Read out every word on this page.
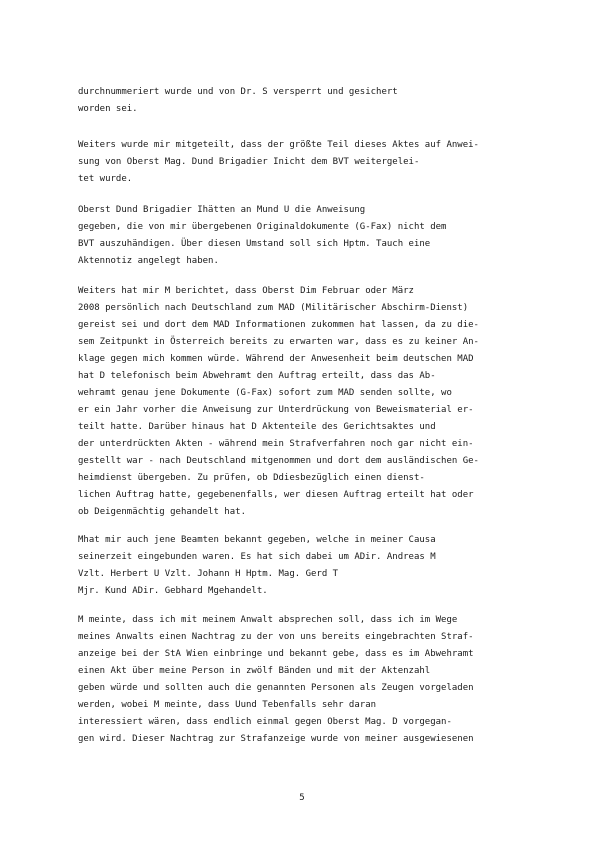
durchnummeriert wurde und von Dr. S versperrt und gesichert
worden sei.
Weiters wurde mir mitgeteilt, dass der größte Teil dieses Aktes auf Anwei-
sung von Oberst Mag. Dund Brigadier Inicht dem BVT weitergelei-
tet wurde.
Oberst Dund Brigadier Ihätten an Mund U die Anweisung
gegeben, die von mir übergebenen Originaldokumente (G-Fax) nicht dem
BVT auszuhändigen. Über diesen Umstand soll sich Hptm. Tauch eine
Aktennotiz angelegt haben.
Weiters hat mir M berichtet, dass Oberst Dim Februar oder März
2008 persönlich nach Deutschland zum MAD (Militärischer Abschirm-Dienst)
gereist sei und dort dem MAD Informationen zukommen hat lassen, da zu die-
sem Zeitpunkt in Österreich bereits zu erwarten war, dass es zu keiner An-
klage gegen mich kommen würde. Während der Anwesenheit beim deutschen MAD
hat D telefonisch beim Abwehramt den Auftrag erteilt, dass das Ab-
wehramt genau jene Dokumente (G-Fax) sofort zum MAD senden sollte, wo
er ein Jahr vorher die Anweisung zur Unterdrückung von Beweismaterial er-
teilt hatte. Darüber hinaus hat D Aktenteile des Gerichtsaktes und
der unterdrückten Akten - während mein Strafverfahren noch gar nicht ein-
gestellt war - nach Deutschland mitgenommen und dort dem ausländischen Ge-
heimdienst übergeben. Zu prüfen, ob Ddiesbezüglich einen dienst-
lichen Auftrag hatte, gegebenenfalls, wer diesen Auftrag erteilt hat oder
ob Deigenmächtig gehandelt hat.
Mhat mir auch jene Beamten bekannt gegeben, welche in meiner Causa
seinerzeit eingebunden waren. Es hat sich dabei um ADir. Andreas M
Vzlt. Herbert U Vzlt. Johann H Hptm. Mag. Gerd T
Mjr. Kund ADir. Gebhard Mgehandelt.
M meinte, dass ich mit meinem Anwalt absprechen soll, dass ich im Wege
meines Anwalts einen Nachtrag zu der von uns bereits eingebrachten Straf-
anzeige bei der StA Wien einbringe und bekannt gebe, dass es im Abwehramt
einen Akt über meine Person in zwölf Bänden und mit der Aktenzahl
geben würde und sollten auch die genannten Personen als Zeugen vorgeladen
werden, wobei M meinte, dass Uund Tebenfalls sehr daran
interessiert wären, dass endlich einmal gegen Oberst Mag. D vorgegan-
gen wird. Dieser Nachtrag zur Strafanzeige wurde von meiner ausgewiesenen
5
